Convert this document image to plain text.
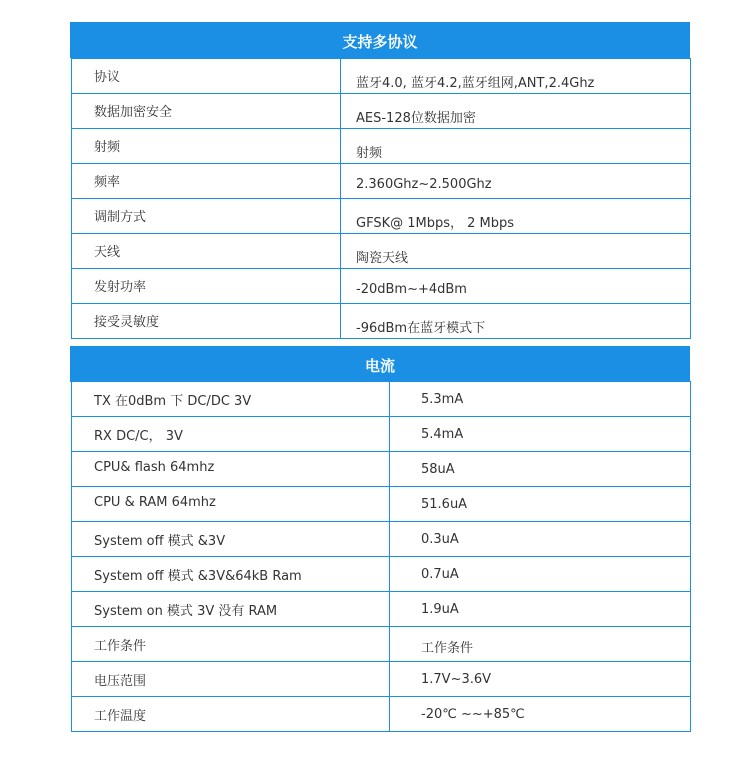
支持多协议
协议	蓝牙4.0, 蓝牙4.2,蓝牙组网,ANT,2.4Ghz

数据加密安全	AES-128位数据加密

射频	射频

频率	2.360Ghz~2.500Ghz

调制方式	GFSK@ 1Mbps， 2 Mbps

天线	陶瓷天线

发射功率	-20dBm~+4dBm

接受灵敏度	-96dBm在蓝牙模式下
电流
TX 在0dBm 下 DC/DC 3V	5.3mA

RX DC/C， 3V	5.4mA

CPU& flash 64mhz	58uA

CPU & RAM 64mhz	51.6uA

System off 模式 &3V	0.3uA

System off 模式 &3V&64kB Ram	0.7uA

System on 模式 3V 没有 RAM	1.9uA

工作条件	工作条件

电压范围	1.7V~3.6V

工作温度	-20℃ ~~+85℃
